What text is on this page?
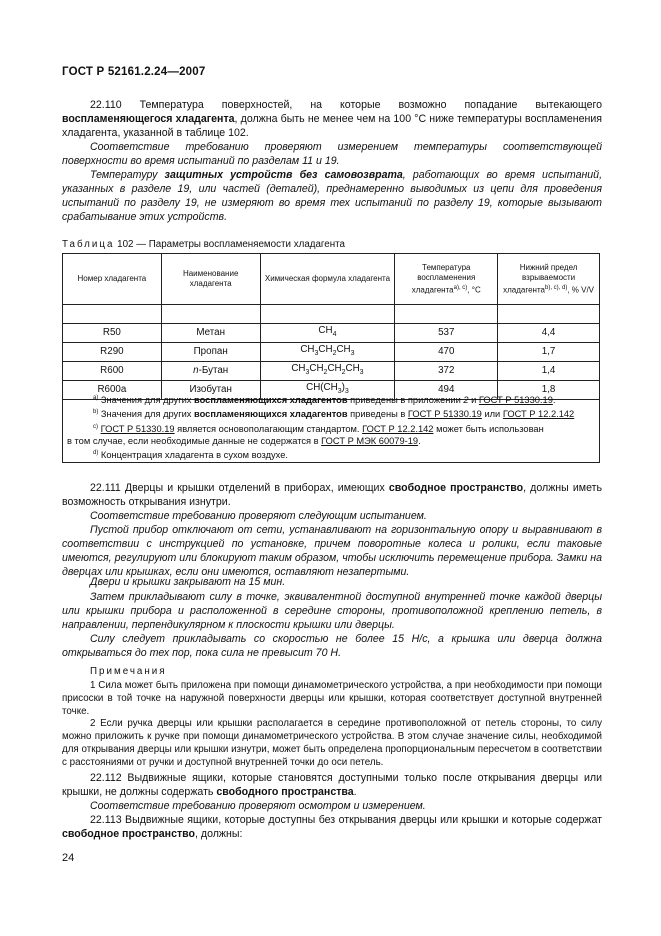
ГОСТ Р 52161.2.24—2007
22.110 Температура поверхностей, на которые возможно попадание вытекающего воспламеняющегося хладагента, должна быть не менее чем на 100 °С ниже температуры воспламенения хладагента, указанной в таблице 102.
Соответствие требованию проверяют измерением температуры соответствующей поверхности во время испытаний по разделам 11 и 19.
Температуру защитных устройств без самовозврата, работающих во время испытаний, указанных в разделе 19, или частей (деталей), преднамеренно выводимых из цепи для проведения испытаний по разделу 19, не измеряют во время тех испытаний по разделу 19, которые вызывают срабатывание этих устройств.
Таблица 102 — Параметры воспламеняемости хладагента
Номер хладагента	Наименование хладагента	Химическая формула хладагента	Температура воспламенения хладагента$^{а), с)}$, °С	Нижний предел взрываемости хладагента$^{b), c), d)}$, % V/V

R50	Метан	$CH_4$	537	4,4
R290	Пропан	$CH_3CH_2CH_3$	470	1,7
R600	n-Бутан	$CH_3CH_2CH_2CH_3$	372	1,4
R600a	Изобутан	$CH(CH_3)_3$	494	1,8
$^{а)}$ Значения для других воспламеняющихся хладагентов приведены в приложении 2 и ГОСТ Р 51330.19.
$^{b)}$ Значения для других воспламеняющихся хладагентов приведены в ГОСТ Р 51330.19 или ГОСТ Р 12.2.142
$^{c)}$ ГОСТ Р 51330.19 является основополагающим стандартом. ГОСТ Р 12.2.142 может быть использован
в том случае, если необходимые данные не содержатся в ГОСТ Р МЭК 60079-19.
$^{d)}$ Концентрация хладагента в сухом воздухе.
22.111 Дверцы и крышки отделений в приборах, имеющих свободное пространство, должны иметь возможность открывания изнутри.
Соответствие требованию проверяют следующим испытанием.
Пустой прибор отключают от сети, устанавливают на горизонтальную опору и выравнивают в соответствии с инструкцией по установке, причем поворотные колеса и ролики, если таковые имеются, регулируют или блокируют таким образом, чтобы исключить перемещение прибора. Замки на дверцах или крышках, если они имеются, оставляют незапертыми.
Двери и крышки закрывают на 15 мин.
Затем прикладывают силу в точке, эквивалентной доступной внутренней точке каждой дверцы или крышки прибора и расположенной в середине стороны, противоположной креплению петель, в направлении, перпендикулярном к плоскости крышки или дверцы.
Силу следует прикладывать со скоростью не более 15 Н/с, а крышка или дверца должна открываться до тех пор, пока сила не превысит 70 Н.
Примечания
1 Сила может быть приложена при помощи динамометрического устройства, а при необходимости при помощи присоски в той точке на наружной поверхности дверцы или крышки, которая соответствует доступной внутренней точке.
2 Если ручка дверцы или крышки располагается в середине противоположной от петель стороны, то силу можно приложить к ручке при помощи динамометрического устройства. В этом случае значение силы, необходимой для открывания дверцы или крышки изнутри, может быть определена пропорциональным пересчетом в соответствии с расстояниями от ручки и доступной внутренней точки до оси петель.
22.112 Выдвижные ящики, которые становятся доступными только после открывания дверцы или крышки, не должны содержать свободного пространства.
Соответствие требованию проверяют осмотром и измерением.
22.113 Выдвижные ящики, которые доступны без открывания дверцы или крышки и которые содержат свободное пространство, должны:
24
